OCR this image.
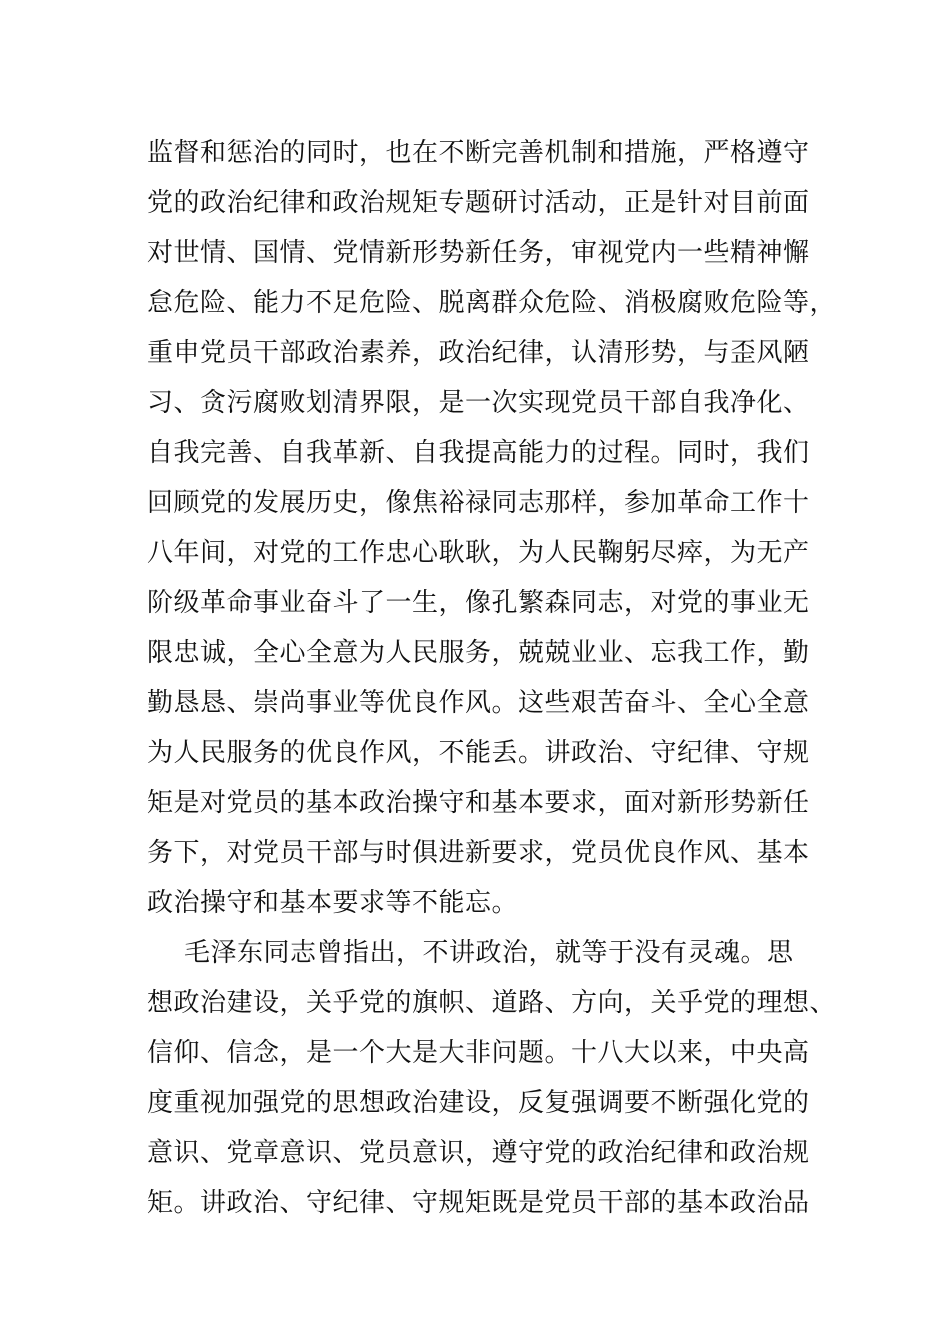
监督和惩治的同时，也在不断完善机制和措施，严格遵守
党的政治纪律和政治规矩专题研讨活动，正是针对目前面
对世情、国情、党情新形势新任务，审视党内一些精神懈
怠危险、能力不足危险、脱离群众危险、消极腐败危险等，
重申党员干部政治素养，政治纪律，认清形势，与歪风陋
习、贪污腐败划清界限，是一次实现党员干部自我净化、
自我完善、自我革新、自我提高能力的过程。同时，我们
回顾党的发展历史，像焦裕禄同志那样，参加革命工作十
八年间，对党的工作忠心耿耿，为人民鞠躬尽瘁，为无产
阶级革命事业奋斗了一生，像孔繁森同志，对党的事业无
限忠诚，全心全意为人民服务，兢兢业业、忘我工作，勤
勤恳恳、崇尚事业等优良作风。这些艰苦奋斗、全心全意
为人民服务的优良作风，不能丢。讲政治、守纪律、守规
矩是对党员的基本政治操守和基本要求，面对新形势新任
务下，对党员干部与时俱进新要求，党员优良作风、基本
政治操守和基本要求等不能忘。
毛泽东同志曾指出，不讲政治，就等于没有灵魂。思
想政治建设，关乎党的旗帜、道路、方向，关乎党的理想、
信仰、信念，是一个大是大非问题。十八大以来，中央高
度重视加强党的思想政治建设，反复强调要不断强化党的
意识、党章意识、党员意识，遵守党的政治纪律和政治规
矩。讲政治、守纪律、守规矩既是党员干部的基本政治品
